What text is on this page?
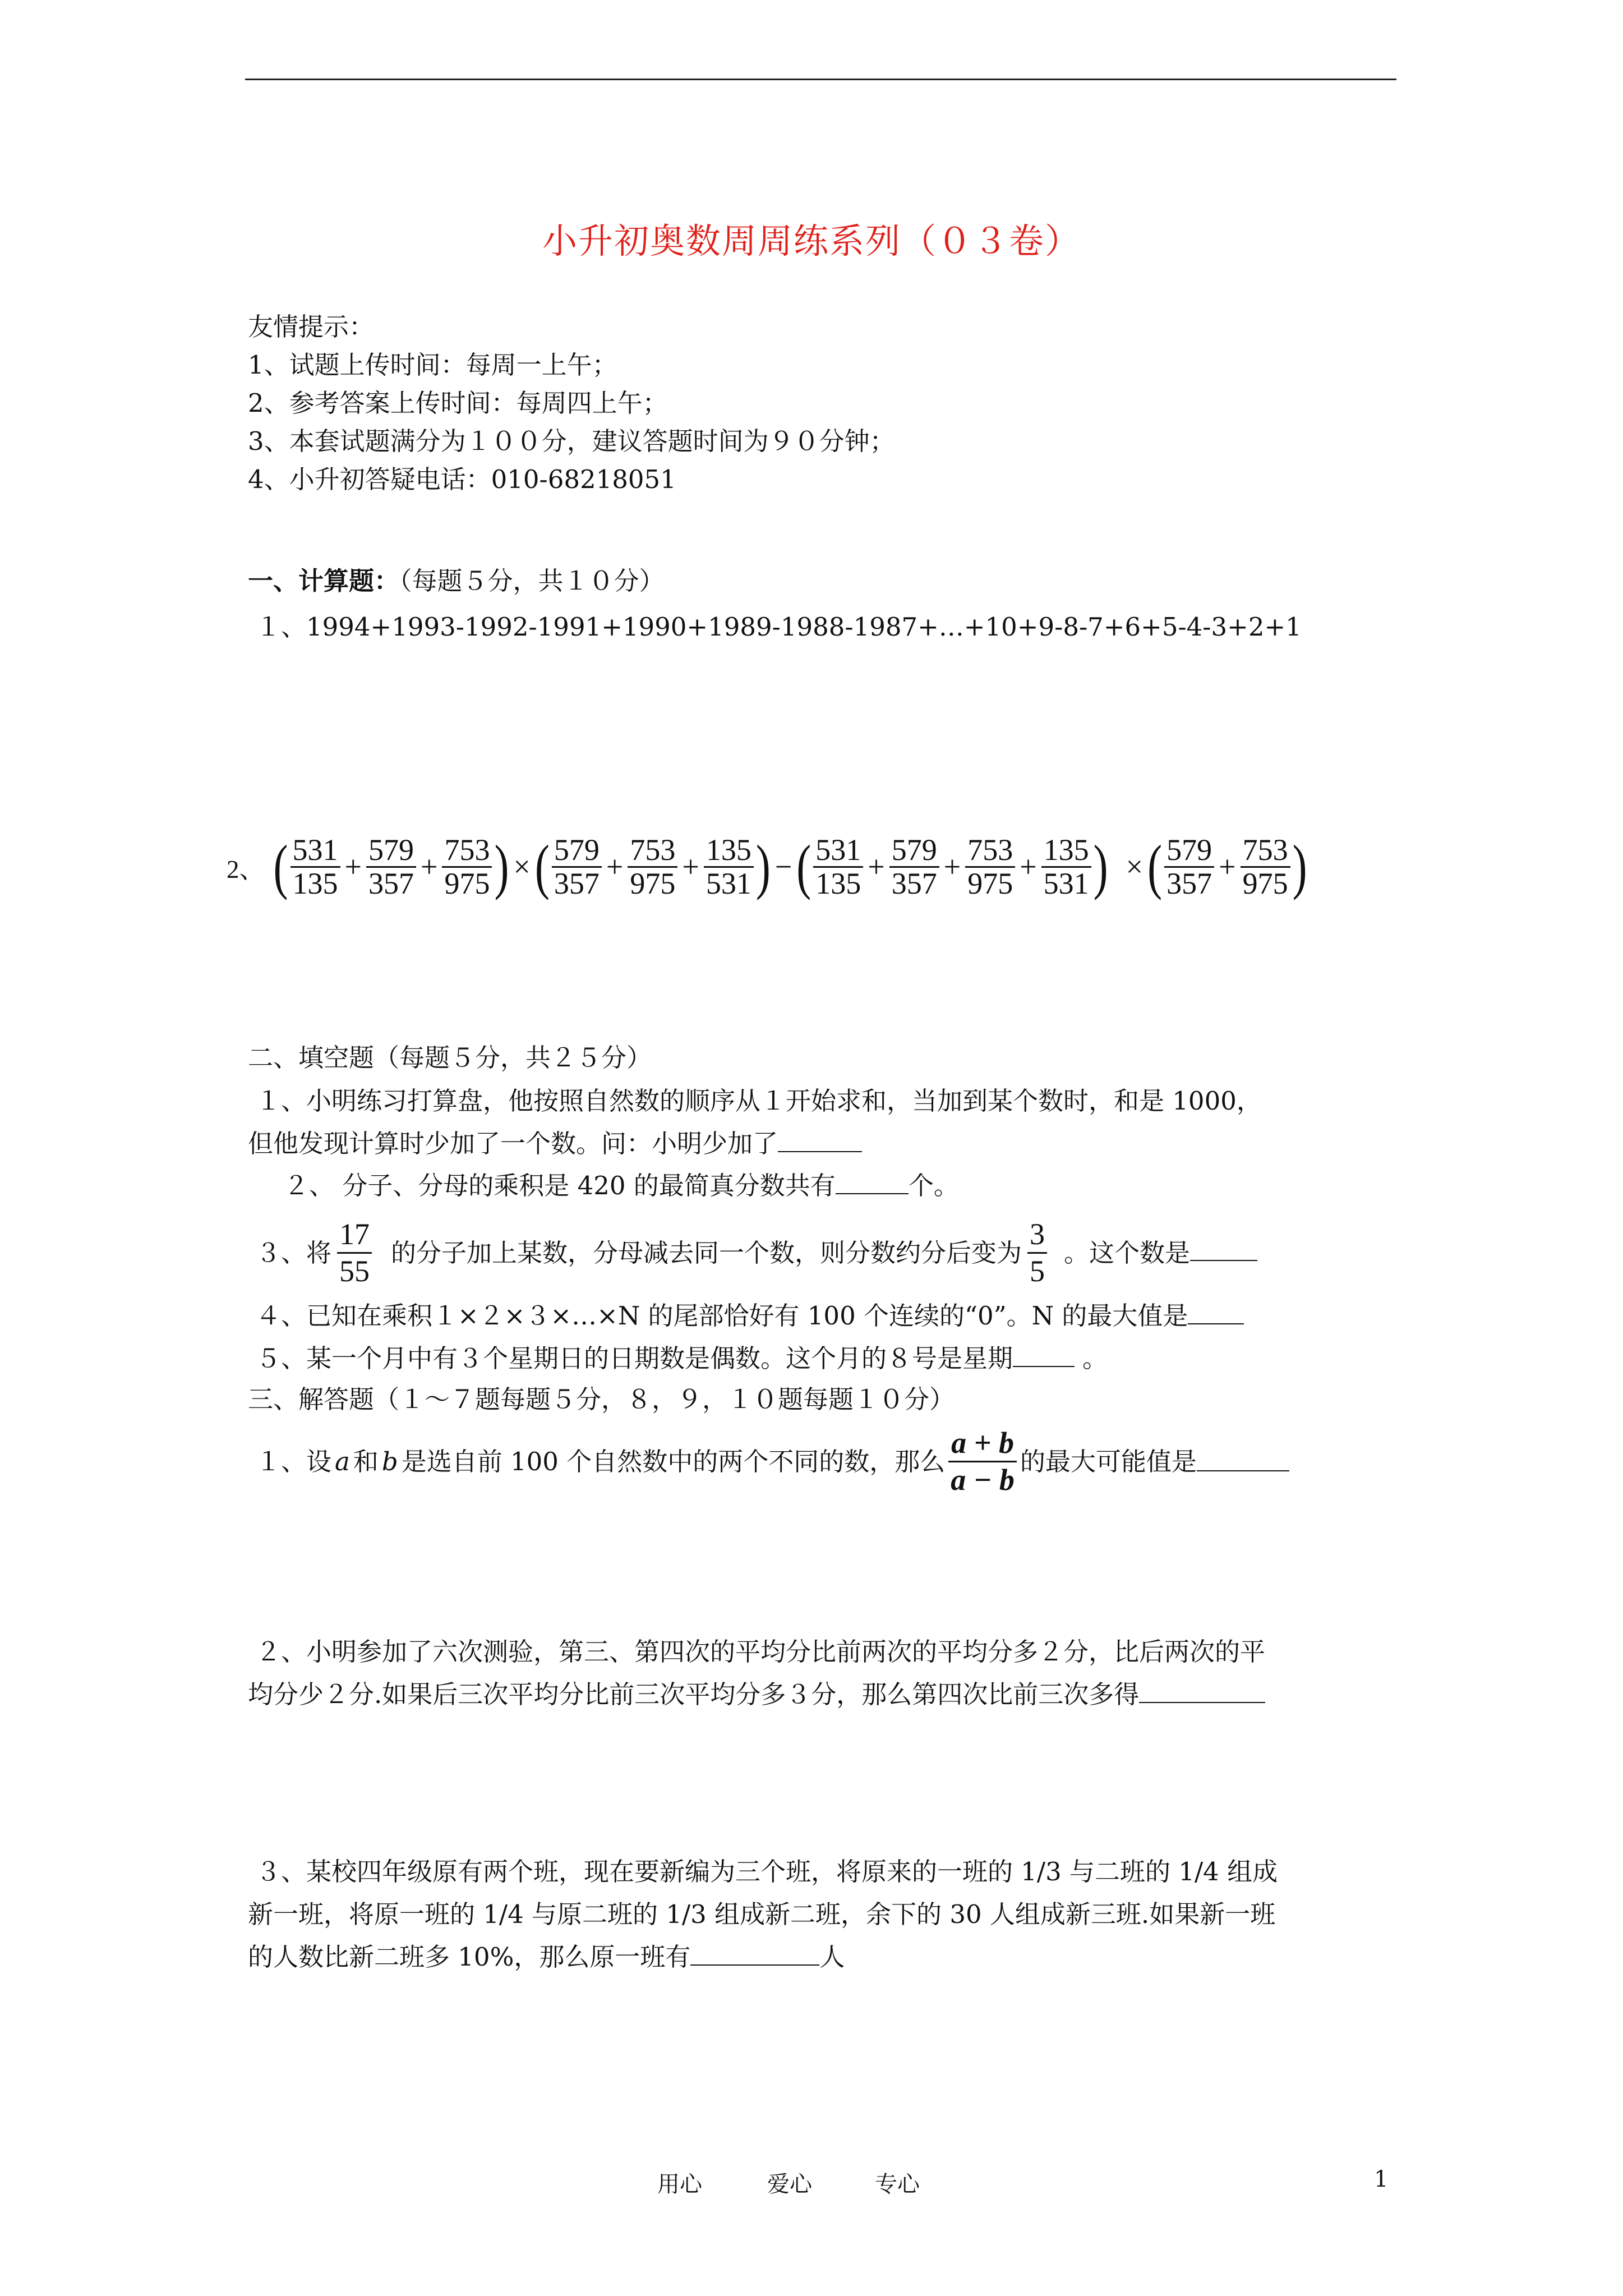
小升初奥数周周练系列（０３卷）
友情提示：
1、试题上传时间：每周一上午；
2、参考答案上传时间：每周四上午；
3、本套试题满分为１００分，建议答题时间为９０分钟；
4、小升初答疑电话：010-68218051
一、计算题：（每题５分，共１０分）
１、1994+1993-1992-1991+1990+1989-1988-1987+…+10+9-8-7+6+5-4-3+2+1
2、 ( $\frac{531}{135} + \frac{579}{357} + \frac{753}{975}$ ) × ( $\frac{579}{357} + \frac{753}{975} + \frac{135}{531}$ ) − ( $\frac{531}{135} + \frac{579}{357} + \frac{753}{975} + \frac{135}{531}$ ) × ( $\frac{579}{357} + \frac{753}{975}$ )
二、填空题（每题５分，共２５分）
１、小明练习打算盘，他按照自然数的顺序从１开始求和，当加到某个数时，和是 1000，
但他发现计算时少加了一个数。问：小明少加了
２、 分子、分母的乘积是 420 的最简真分数共有	个。
３、将 $\frac{17}{55}$ 的分子加上某数，分母减去同一个数，则分数约分后变为 $\frac{3}{5}$ 。这个数是
４、已知在乘积１×２×３×…×N 的尾部恰好有 100 个连续的“0”。N 的最大值是
５、某一个月中有３个星期日的日期数是偶数。这个月的８号是星期	。
三、解答题（１～７题每题５分，８，９，１０题每题１０分）
１、设 a 和 b 是选自前 100 个自然数中的两个不同的数，那么 $\frac{a + b}{a - b}$ 的最大可能值是
２、小明参加了六次测验，第三、第四次的平均分比前两次的平均分多２分，比后两次的平
均分少２分.如果后三次平均分比前三次平均分多３分，那么第四次比前三次多得
３、某校四年级原有两个班，现在要新编为三个班，将原来的一班的 1/3 与二班的 1/4 组成
新一班，将原一班的 1/4 与原二班的 1/3 组成新二班，余下的 30 人组成新三班.如果新一班
的人数比新二班多 10%，那么原一班有	人
用心	爱心	专心	1
